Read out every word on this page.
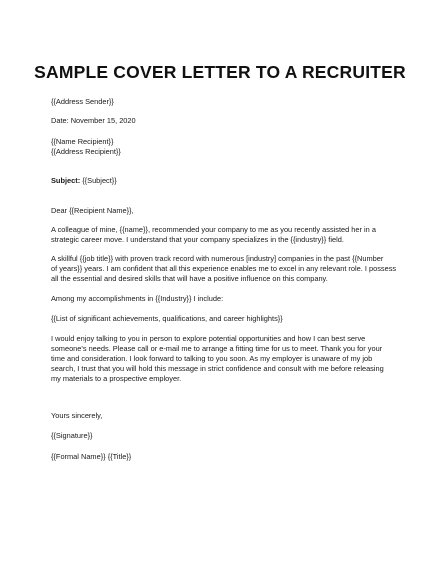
SAMPLE COVER LETTER TO A RECRUITER
{{Address Sender}}
Date: November 15, 2020
{{Name Recipient}}
{{Address Recipient}}
Subject: {{Subject}}
Dear {{Recipient Name}},
A colleague of mine, {{name}}, recommended your company to me as you recently assisted her in a
strategic career move. I understand that your company specializes in the {{industry}} field.
A skillful {{job title}} with proven track record with numerous [industry] companies in the past {{Number
of years}} years. I am confident that all this experience enables me to excel in any relevant role. I possess
all the essential and desired skills that will have a positive influence on this company.
Among my accomplishments in {{Industry}} I include:
{{List of significant achievements, qualifications, and career highlights}}
I would enjoy talking to you in person to explore potential opportunities and how I can best serve
someone's needs. Please call or e-mail me to arrange a fitting time for us to meet. Thank you for your
time and consideration. I look forward to talking to you soon. As my employer is unaware of my job
search, I trust that you will hold this message in strict confidence and consult with me before releasing
my materials to a prospective employer.
Yours sincerely,
{{Signature}}
{{Formal Name}} {{Title}}
